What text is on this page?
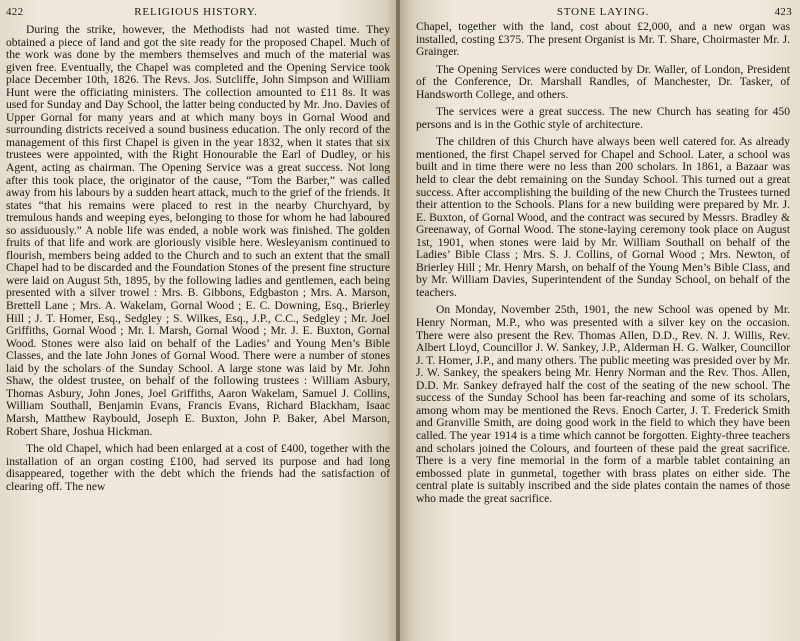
422	RELIGIOUS HISTORY.

During the strike, however, the Methodists had not wasted time. They obtained a piece of land and got the site ready for the proposed Chapel. Much of the work was done by the members themselves and much of the material was given free. Eventually, the Chapel was completed and the Opening Service took place December 10th, 1826. The Revs. Jos. Sutcliffe, John Simpson and William Hunt were the officiating ministers. The collection amounted to £11 8s. It was used for Sunday and Day School, the latter being conducted by Mr. Jno. Davies of Upper Gornal for many years and at which many boys in Gornal Wood and surrounding districts received a sound business education. The only record of the management of this first Chapel is given in the year 1832, when it states that six trustees were appointed, with the Right Honourable the Earl of Dudley, or his Agent, acting as chairman. The Opening Service was a great success. Not long after this took place, the originator of the cause, “Tom the Barber,” was called away from his labours by a sudden heart attack, much to the grief of the friends. It states “that his remains were placed to rest in the nearby Churchyard, by tremulous hands and weeping eyes, belonging to those for whom he had laboured so assiduously.” A noble life was ended, a noble work was finished. The golden fruits of that life and work are gloriously visible here. Wesleyanism continued to flourish, members being added to the Church and to such an extent that the small Chapel had to be discarded and the Foundation Stones of the present fine structure were laid on August 5th, 1895, by the following ladies and gentlemen, each being presented with a silver trowel : Mrs. B. Gibbons, Edgbaston ; Mrs. A. Marson, Brettell Lane ; Mrs. A. Wakelam, Gornal Wood ; E. C. Downing, Esq., Brierley Hill ; J. T. Homer, Esq., Sedgley ; S. Wilkes, Esq., J.P., C.C., Sedgley ; Mr. Joel Griffiths, Gornal Wood ; Mr. I. Marsh, Gornal Wood ; Mr. J. E. Buxton, Gornal Wood. Stones were also laid on behalf of the Ladies’ and Young Men’s Bible Classes, and the late John Jones of Gornal Wood. There were a number of stones laid by the scholars of the Sunday School. A large stone was laid by Mr. John Shaw, the oldest trustee, on behalf of the following trustees : William Asbury, Thomas Asbury, John Jones, Joel Griffiths, Aaron Wakelam, Samuel J. Collins, William Southall, Benjamin Evans, Francis Evans, Richard Blackham, Isaac Marsh, Matthew Raybould, Joseph E. Buxton, John P. Baker, Abel Marson, Robert Share, Joshua Hickman.

The old Chapel, which had been enlarged at a cost of £400, together with the installation of an organ costing £100, had served its purpose and had long disappeared, together with the debt which the friends had the satisfaction of clearing off. The new

STONE LAYING.	423

Chapel, together with the land, cost about £2,000, and a new organ was installed, costing £375. The present Organist is Mr. T. Share, Choirmaster Mr. J. Grainger.

The Opening Services were conducted by Dr. Waller, of London, President of the Conference, Dr. Marshall Randles, of Manchester, Dr. Tasker, of Handsworth College, and others.

The services were a great success. The new Church has seating for 450 persons and is in the Gothic style of architecture.

The children of this Church have always been well catered for. As already mentioned, the first Chapel served for Chapel and School. Later, a school was built and in time there were no less than 200 scholars. In 1861, a Bazaar was held to clear the debt remaining on the Sunday School. This turned out a great success. After accomplishing the building of the new Church the Trustees turned their attention to the Schools. Plans for a new building were prepared by Mr. J. E. Buxton, of Gornal Wood, and the contract was secured by Messrs. Bradley & Greenaway, of Gornal Wood. The stone-laying ceremony took place on August 1st, 1901, when stones were laid by Mr. William Southall on behalf of the Ladies’ Bible Class ; Mrs. S. J. Collins, of Gornal Wood ; Mrs. Newton, of Brierley Hill ; Mr. Henry Marsh, on behalf of the Young Men’s Bible Class, and by Mr. William Davies, Superintendent of the Sunday School, on behalf of the teachers.

On Monday, November 25th, 1901, the new School was opened by Mr. Henry Norman, M.P., who was presented with a silver key on the occasion. There were also present the Rev. Thomas Allen, D.D., Rev. N. J. Willis, Rev. Albert Lloyd, Councillor J. W. Sankey, J.P., Alderman H. G. Walker, Councillor J. T. Homer, J.P., and many others. The public meeting was presided over by Mr. J. W. Sankey, the speakers being Mr. Henry Norman and the Rev. Thos. Allen, D.D. Mr. Sankey defrayed half the cost of the seating of the new school. The success of the Sunday School has been far-reaching and some of its scholars, among whom may be mentioned the Revs. Enoch Carter, J. T. Frederick Smith and Granville Smith, are doing good work in the field to which they have been called. The year 1914 is a time which cannot be forgotten. Eighty-three teachers and scholars joined the Colours, and fourteen of these paid the great sacrifice. There is a very fine memorial in the form of a marble tablet containing an embossed plate in gunmetal, together with brass plates on either side. The central plate is suitably inscribed and the side plates contain the names of those who made the great sacrifice.
